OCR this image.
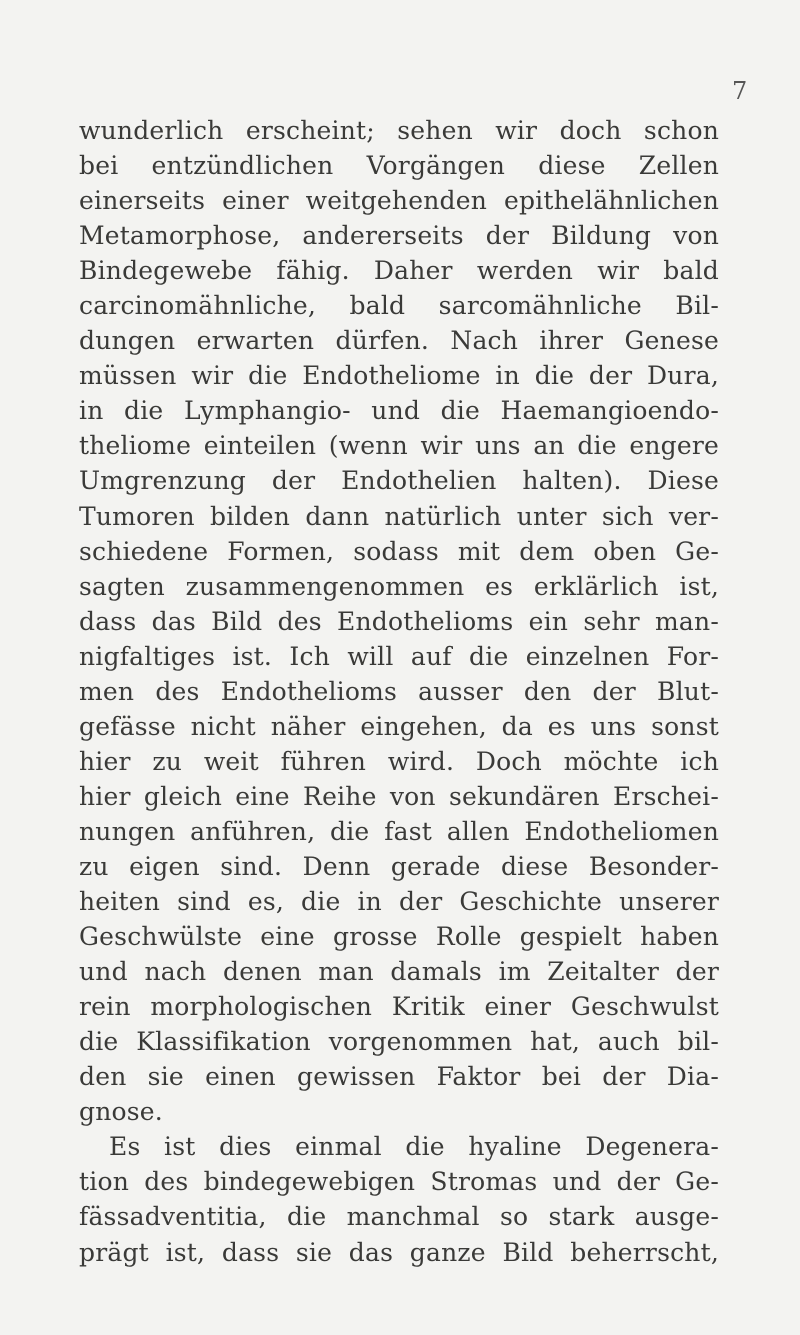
7
wunderlich erscheint; sehen wir doch schon
bei entzündlichen Vorgängen diese Zellen
einerseits einer weitgehenden epithelähnlichen
Metamorphose, andererseits der Bildung von
Bindegewebe fähig. Daher werden wir bald
carcinomähnliche, bald sarcomähnliche Bil-
dungen erwarten dürfen. Nach ihrer Genese
müssen wir die Endotheliome in die der Dura,
in die Lymphangio- und die Haemangioendo-
theliome einteilen (wenn wir uns an die engere
Umgrenzung der Endothelien halten). Diese
Tumoren bilden dann natürlich unter sich ver-
schiedene Formen, sodass mit dem oben Ge-
sagten zusammengenommen es erklärlich ist,
dass das Bild des Endothelioms ein sehr man-
nigfaltiges ist. Ich will auf die einzelnen For-
men des Endothelioms ausser den der Blut-
gefässe nicht näher eingehen, da es uns sonst
hier zu weit führen wird. Doch möchte ich
hier gleich eine Reihe von sekundären Erschei-
nungen anführen, die fast allen Endotheliomen
zu eigen sind. Denn gerade diese Besonder-
heiten sind es, die in der Geschichte unserer
Geschwülste eine grosse Rolle gespielt haben
und nach denen man damals im Zeitalter der
rein morphologischen Kritik einer Geschwulst
die Klassifikation vorgenommen hat, auch bil-
den sie einen gewissen Faktor bei der Dia-
gnose.
Es ist dies einmal die hyaline Degenera-
tion des bindegewebigen Stromas und der Ge-
fässadventitia, die manchmal so stark ausge-
prägt ist, dass sie das ganze Bild beherrscht,
